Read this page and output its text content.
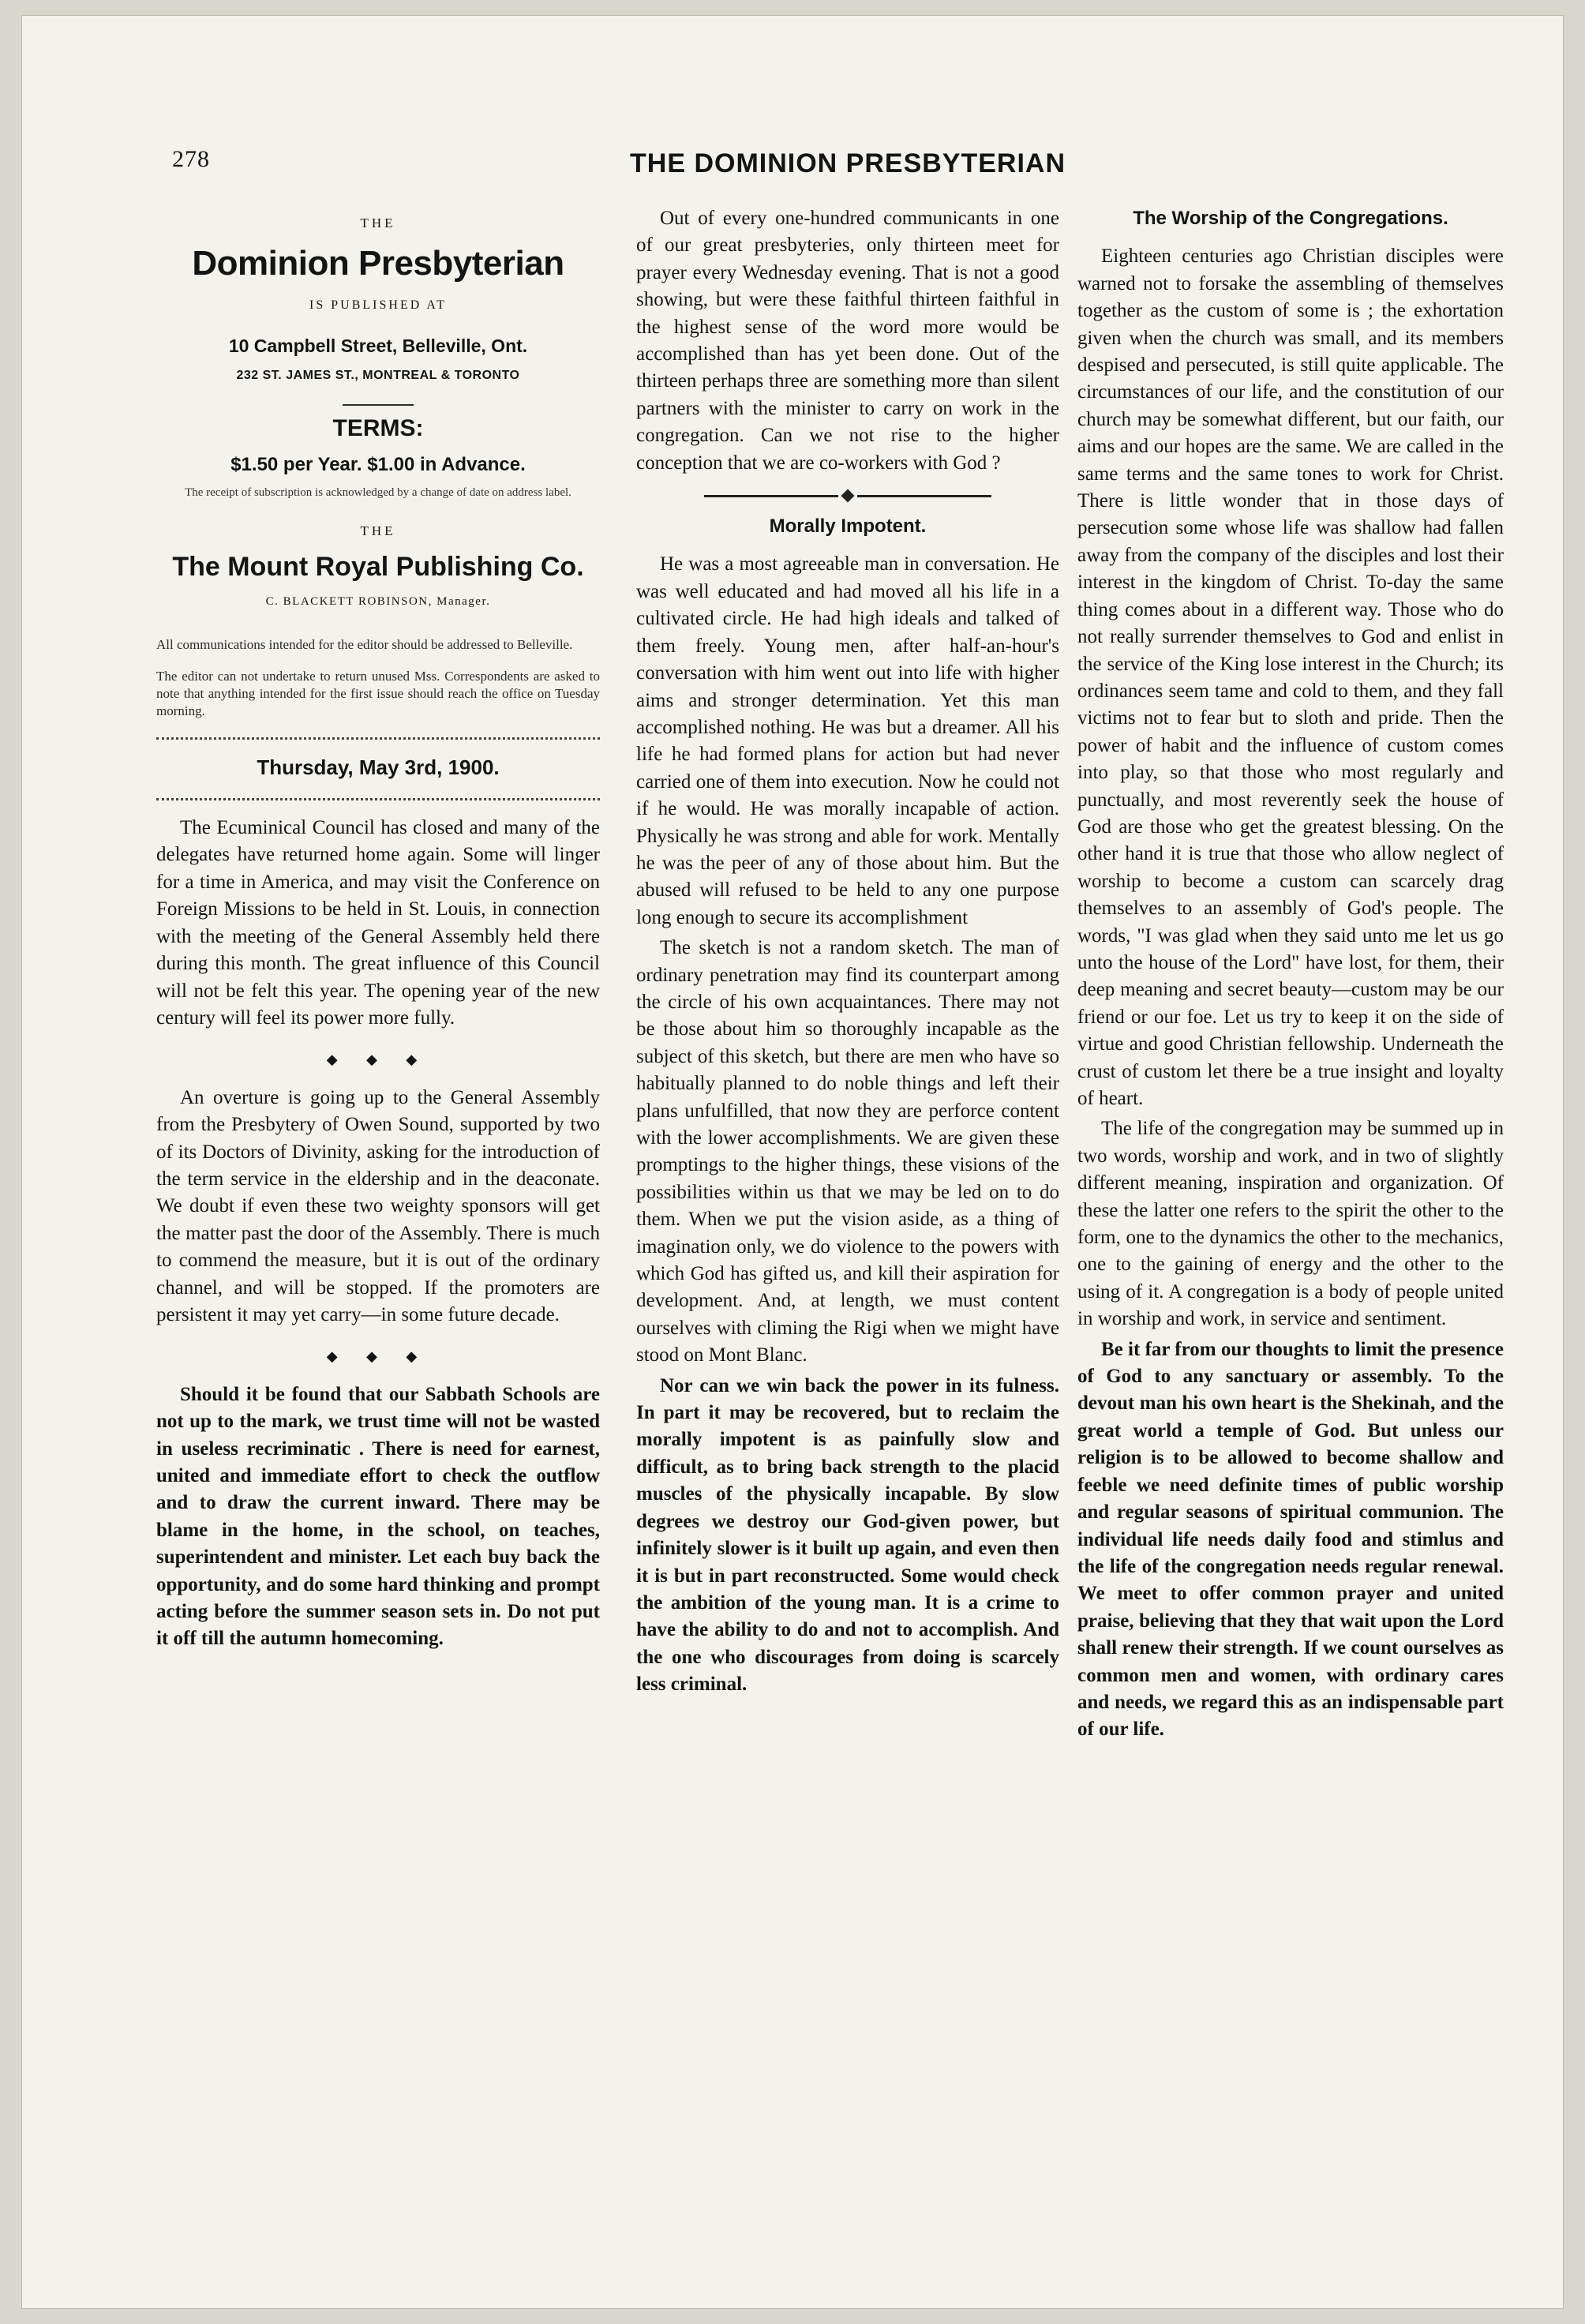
278	THE DOMINION PRESBYTERIAN
THE
Dominion Presbyterian
IS PUBLISHED AT
10 Campbell Street, Belleville, Ont.
232 ST. JAMES ST., MONTREAL & TORONTO
TERMS:
$1.50 per Year. $1.00 in Advance.
The receipt of subscription is acknowledged by a change of date on address label.
THE
The Mount Royal Publishing Co.
C. BLACKETT ROBINSON, Manager.
All communications intended for the editor should be addressed to Belleville.
The editor can not undertake to return unused Mss. Correspondents are asked to note that anything intended for the first issue should reach the office on Tuesday morning.
Thursday, May 3rd, 1900.

The Ecuminical Council has closed and many of the delegates have returned home again. Some will linger for a time in America, and may visit the Conference on Foreign Missions to be held in St. Louis, in connection with the meeting of the General Assembly held there during this month. The great influence of this Council will not be felt this year. The opening year of the new century will feel its power more fully.

◆ ◆ ◆

An overture is going up to the General Assembly from the Presbytery of Owen Sound, supported by two of its Doctors of Divinity, asking for the introduction of the term service in the eldership and in the deaconate. We doubt if even these two weighty sponsors will get the matter past the door of the Assembly. There is much to commend the measure, but it is out of the ordinary channel, and will be stopped. If the promoters are persistent it may yet carry—in some future decade.

◆ ◆ ◆

Should it be found that our Sabbath Schools are not up to the mark, we trust time will not be wasted in useless recriminatic . There is need for earnest, united and immediate effort to check the outflow and to draw the current inward. There may be blame in the home, in the school, on teaches, superintendent and minister. Let each buy back the opportunity, and do some hard thinking and prompt acting before the summer season sets in. Do not put it off till the autumn homecoming.

Out of every one-hundred communicants in one of our great presbyteries, only thirteen meet for prayer every Wednesday evening. That is not a good showing, but were these faithful thirteen faithful in the highest sense of the word more would be accomplished than has yet been done. Out of the thirteen perhaps three are something more than silent partners with the minister to carry on work in the congregation. Can we not rise to the higher conception that we are co-workers with God ?

Morally Impotent.

He was a most agreeable man in conversation. He was well educated and had moved all his life in a cultivated circle. He had high ideals and talked of them freely. Young men, after half-an-hour's conversation with him went out into life with higher aims and stronger determination. Yet this man accomplished nothing. He was but a dreamer. All his life he had formed plans for action but had never carried one of them into execution. Now he could not if he would. He was morally incapable of action. Physically he was strong and able for work. Mentally he was the peer of any of those about him. But the abused will refused to be held to any one purpose long enough to secure its accomplishment

The sketch is not a random sketch. The man of ordinary penetration may find its counterpart among the circle of his own acquaintances. There may not be those about him so thoroughly incapable as the subject of this sketch, but there are men who have so habitually planned to do noble things and left their plans unfulfilled, that now they are perforce content with the lower accomplishments. We are given these promptings to the higher things, these visions of the possibilities within us that we may be led on to do them. When we put the vision aside, as a thing of imagination only, we do violence to the powers with which God has gifted us, and kill their aspiration for development. And, at length, we must content ourselves with climing the Rigi when we might have stood on Mont Blanc.

Nor can we win back the power in its fulness. In part it may be recovered, but to reclaim the morally impotent is as painfully slow and difficult, as to bring back strength to the placid muscles of the physically incapable. By slow degrees we destroy our God-given power, but infinitely slower is it built up again, and even then it is but in part reconstructed. Some would check the ambition of the young man. It is a crime to have the ability to do and not to accomplish. And the one who discourages from doing is scarcely less criminal.

The Worship of the Congregations.

Eighteen centuries ago Christian disciples were warned not to forsake the assembling of themselves together as the custom of some is ; the exhortation given when the church was small, and its members despised and persecuted, is still quite applicable. The circumstances of our life, and the constitution of our church may be somewhat different, but our faith, our aims and our hopes are the same. We are called in the same terms and the same tones to work for Christ. There is little wonder that in those days of persecution some whose life was shallow had fallen away from the company of the disciples and lost their interest in the kingdom of Christ. To-day the same thing comes about in a different way. Those who do not really surrender themselves to God and enlist in the service of the King lose interest in the Church; its ordinances seem tame and cold to them, and they fall victims not to fear but to sloth and pride. Then the power of habit and the influence of custom comes into play, so that those who most regularly and punctually, and most reverently seek the house of God are those who get the greatest blessing. On the other hand it is true that those who allow neglect of worship to become a custom can scarcely drag themselves to an assembly of God's people. The words, "I was glad when they said unto me let us go unto the house of the Lord" have lost, for them, their deep meaning and secret beauty—custom may be our friend or our foe. Let us try to keep it on the side of virtue and good Christian fellowship. Underneath the crust of custom let there be a true insight and loyalty of heart.

The life of the congregation may be summed up in two words, worship and work, and in two of slightly different meaning, inspiration and organization. Of these the latter one refers to the spirit the other to the form, one to the dynamics the other to the mechanics, one to the gaining of energy and the other to the using of it. A congregation is a body of people united in worship and work, in service and sentiment.

Be it far from our thoughts to limit the presence of God to any sanctuary or assembly. To the devout man his own heart is the Shekinah, and the great world a temple of God. But unless our religion is to be allowed to become shallow and feeble we need definite times of public worship and regular seasons of spiritual communion. The individual life needs daily food and stimlus and the life of the congregation needs regular renewal. We meet to offer common prayer and united praise, believing that they that wait upon the Lord shall renew their strength. If we count ourselves as common men and women, with ordinary cares and needs, we regard this as an indispensable part of our life.
